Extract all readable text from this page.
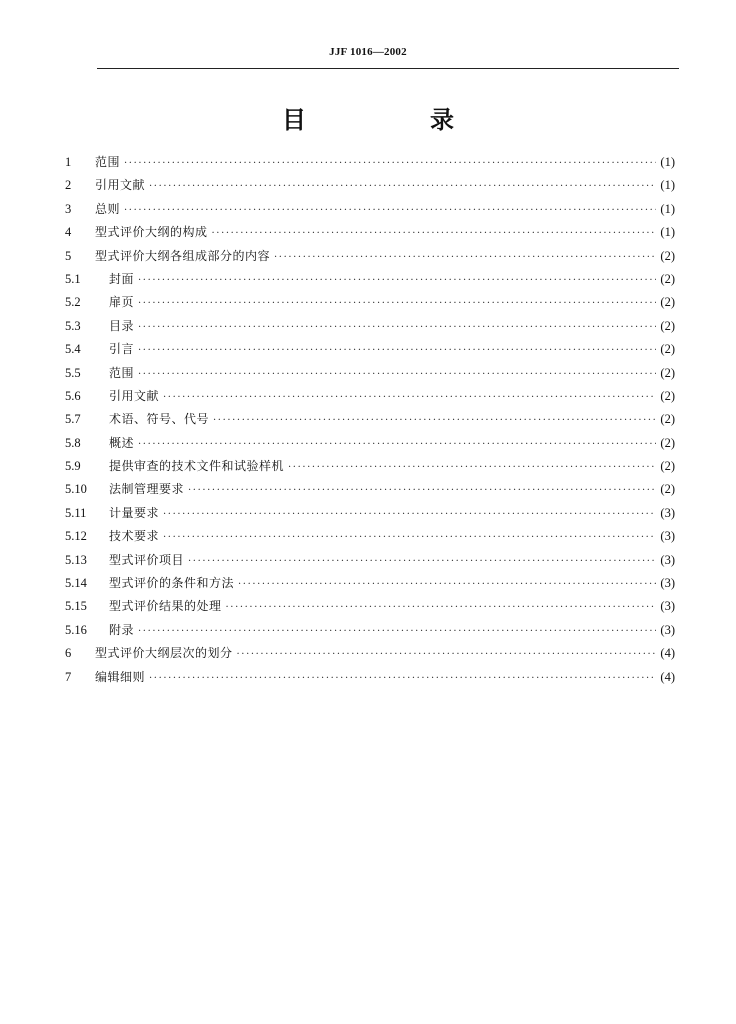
JJF 1016—2002
目　录
1	范围 ·····	(1)
2	引用文献 ·····	(1)
3	总则 ·····	(1)
4	型式评价大纲的构成 ·····	(1)
5	型式评价大纲各组成部分的内容 ·····	(2)
5.1	封面 ·····	(2)
5.2	扉页 ·····	(2)
5.3	目录 ·····	(2)
5.4	引言 ·····	(2)
5.5	范围 ·····	(2)
5.6	引用文献 ·····	(2)
5.7	术语、符号、代号 ·····	(2)
5.8	概述 ·····	(2)
5.9	提供审查的技术文件和试验样机 ·····	(2)
5.10	法制管理要求 ·····	(2)
5.11	计量要求 ·····	(3)
5.12	技术要求 ·····	(3)
5.13	型式评价项目 ·····	(3)
5.14	型式评价的条件和方法 ·····	(3)
5.15	型式评价结果的处理 ·····	(3)
5.16	附录 ·····	(3)
6	型式评价大纲层次的划分 ·····	(4)
7	编辑细则 ·····	(4)
